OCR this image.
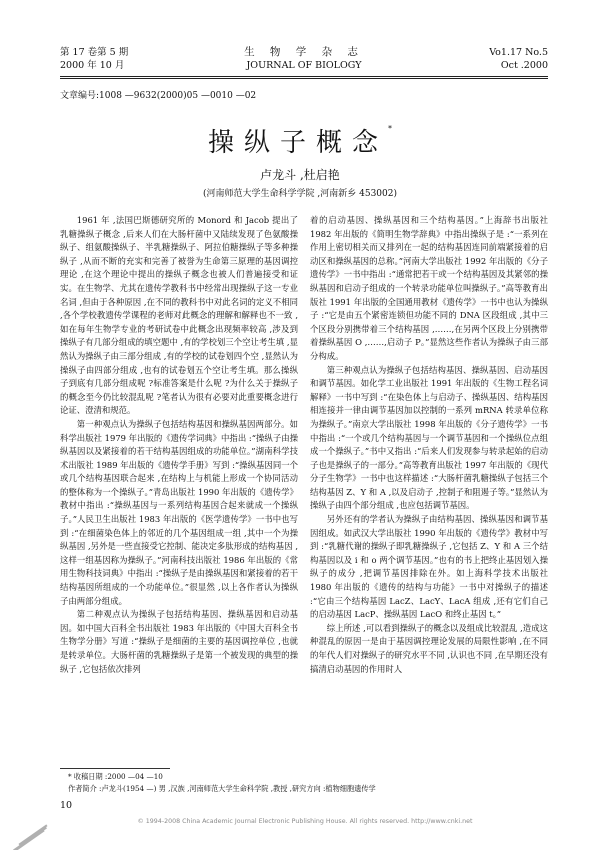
第 17 卷第 5 期
2000 年 10 月
生 物 学 杂 志
JOURNAL OF BIOLOGY
Vo1.17 No.5
Oct .2000
文章编号:1008 —9632(2000)05 —0010 —02
操纵子概念*
卢龙斗 ,杜启艳
(河南师范大学生命科学学院 ,河南新乡 453002)

1961 年 ,法国巴斯德研究所的 Monord 和 Jacob 提出了乳糖操纵子概念 ,后来人们在大肠杆菌中又陆续发现了色氨酸操纵子、组氨酸操纵子、半乳糖操纵子、阿拉伯糖操纵子等多种操纵子 ,从而不断的充实和完善了被誉为生命第三原理的基因调控理论 ,在这个理论中提出的操纵子概念也被人们普遍接受和证实。在生物学、尤其在遗传学教科书中经常出现操纵子这一专业名词 ,但由于各种原因 ,在不同的教科书中对此名词的定义不相同 ,各个学校教遗传学课程的老师对此概念的理解和解释也不一致 ,如在每年生物学专业的考研试卷中此概念出现频率较高 ,涉及到操纵子有几部分组成的填空题中 ,有的学校划三个空让考生填 ,显然认为操纵子由三部分组成 ,有的学校的试卷划四个空 ,显然认为操纵子由四部分组成 ,也有的试卷划五个空让考生填。那么操纵子到底有几部分组成呢 ?标准答案是什么呢 ?为什么关于操纵子的概念至今仍比较混乱呢 ?笔者认为很有必要对此重要概念进行论证、澄清和规范。

第一种观点认为操纵子包括结构基因和操纵基因两部分。如科学出版社 1979 年出版的《遗传学词典》中指出 :“操纵子由操纵基因以及紧接着的若干结构基因组成的功能单位。”湖南科学技术出版社 1989 年出版的《遗传学手册》写到 :“操纵基因同一个或几个结构基因联合起来 ,在结构上与机能上形成一个协同活动的整体称为一个操纵子。”青岛出版社 1990 年出版的《遗传学》教材中指出 :“操纵基因与一系列结构基因合起来就成一个操纵子。”人民卫生出版社 1983 年出版的《医学遗传学》一书中也写到 :“在细菌染色体上的邻近的几个基因组成一组 ,其中一个为操纵基因 ,另外是一些直接受它控制、能决定多肽形成的结构基因 ,这样一组基因称为操纵子。”河南科技出版社 1986 年出版的《常用生物科技词典》中指出 :“操纵子是由操纵基因和紧接着的若干结构基因所组成的一个功能单位。”很显然 ,以上各作者认为操纵子由两部分组成。

第二种观点认为操纵子包括结构基因、操纵基因和启动基因。如中国大百科全书出版社 1983 年出版的《中国大百科全书 生物学分册》写道 :“操纵子是细菌的主要的基因调控单位 ,也就是转录单位。大肠杆菌的乳糖操纵子是第一个被发现的典型的操纵子 ,它包括依次排列

着的启动基因、操纵基因和三个结构基因。”上海辞书出版社 1982 年出版的《简明生物学辞典》中指出操纵子是 :“一系列在作用上密切相关而又排列在一起的结构基因连同前端紧接着的启动区和操纵基因的总称。”河南大学出版社 1992 年出版的《分子遗传学》一书中指出 :“通常把若干或一个结构基因及其紧邻的操纵基因和启动子组成的一个转录功能单位叫操纵子。”高等教育出版社 1991 年出版的全国通用教材《遗传学》一书中也认为操纵子 :“它是由五个紧密连锁但功能不同的 DNA 区段组成 ,其中三个区段分别携带着三个结构基因 ,……,在另两个区段上分别携带着操纵基因 O ,……,启动子 P。”显然这些作者认为操纵子由三部分构成。

第三种观点认为操纵子包括结构基因、操纵基因、启动基因和调节基因。如化学工业出版社 1991 年出版的《生物工程名词解释》一书中写到 :“在染色体上与启动子、操纵基因、结构基因相连接并一律由调节基因加以控制的一系列 mRNA 转录单位称为操纵子。”南京大学出版社 1998 年出版的《分子遗传学》一书中指出 :“一个或几个结构基因与一个调节基因和一个操纵位点组成一个操纵子。”书中又指出 :“后来人们发现参与转录起始的启动子也是操纵子的一部分。”高等教育出版社 1997 年出版的《现代分子生物学》一书中也这样描述 :“大肠杆菌乳糖操纵子包括三个结构基因 Z、Y 和 A ,以及启动子 ,控制子和阻遏子等。”显然认为操纵子由四个部分组成 ,也应包括调节基因。

另外还有的学者认为操纵子由结构基因、操纵基因和调节基因组成。如武汉大学出版社 1990 年出版的《遗传学》教材中写到 :“乳糖代谢的操纵子即乳糖操纵子 ,它包括 Z、Y 和 A 三个结构基因以及 i 和 o 两个调节基因。”也有的书上把终止基因划入操纵子的成分 ,把调节基因排除在外。如上海科学技术出版社 1980 年出版的《遗传的结构与功能》一书中对操纵子的描述 :“它由三个结构基因 LacZ、LacY、LacA 组成 ,还有它们自己的启动基因 LacP、操纵基因 LacO 和终止基因 t。”

综上所述 ,可以看到操纵子的概念以及组成比较混乱 ,造成这种混乱的原因一是由于基因调控理论发展的局限性影响 ,在不同的年代人们对操纵子的研究水平不同 ,认识也不同 ,在早期还没有搞清启动基因的作用时人

* 收稿日期 :2000 —04 —10
作者简介 :卢龙斗(1954 —) 男 ,汉族 ,河南师范大学生命科学院 ,教授 ,研究方向 :植物细胞遗传学
10
© 1994-2008 China Academic Journal Electronic Publishing House. All rights reserved. http://www.cnki.net
